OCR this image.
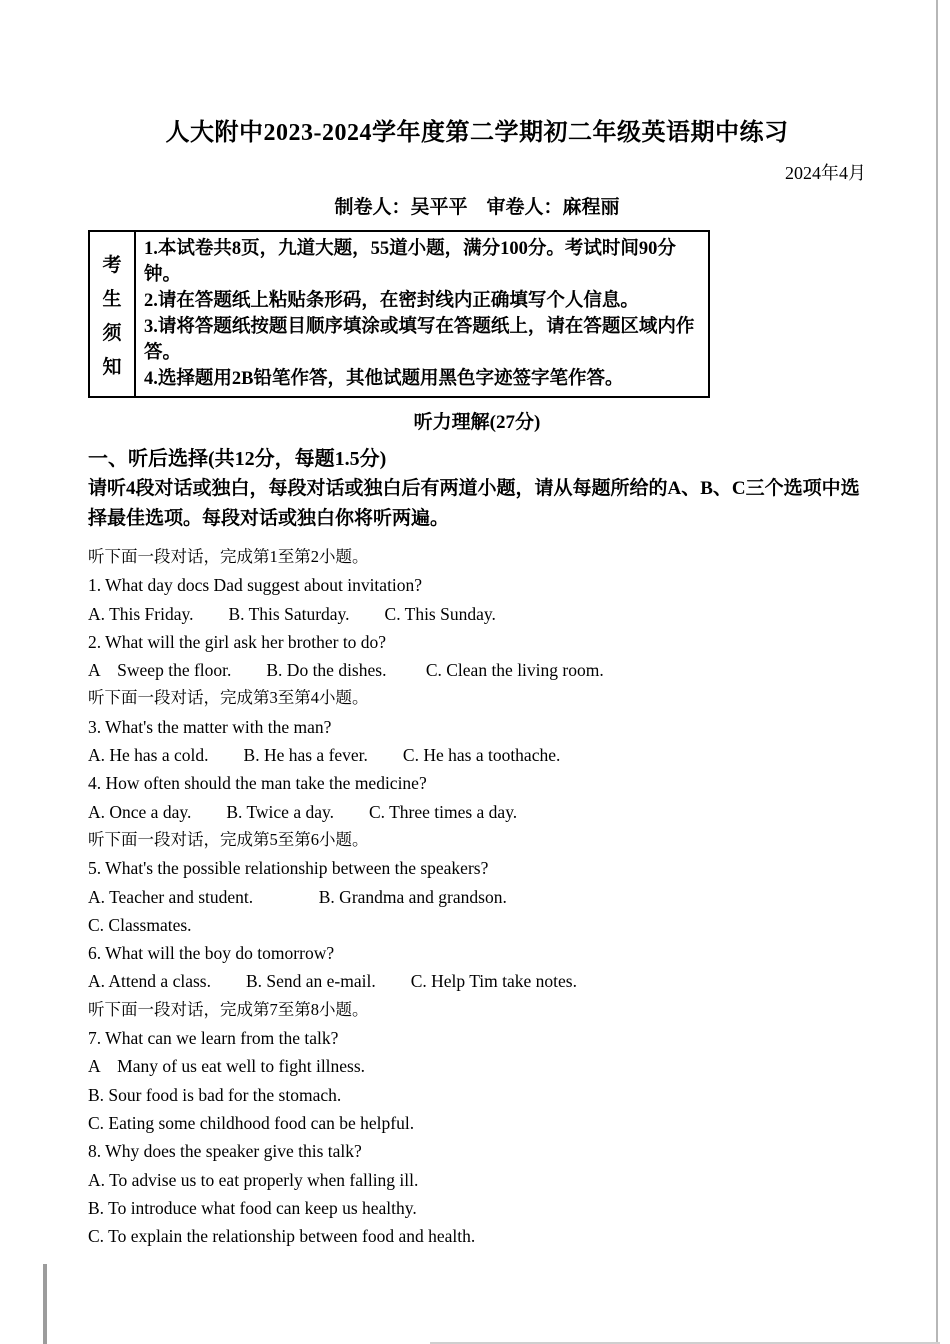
人大附中2023-2024学年度第二学期初二年级英语期中练习
2024年4月
制卷人：吴平平　审卷人：麻程丽
考
生
须
知
1.本试卷共8页，九道大题，55道小题，满分100分。考试时间90分钟。
2.请在答题纸上粘贴条形码，在密封线内正确填写个人信息。
3.请将答题纸按题目顺序填涂或填写在答题纸上，请在答题区域内作答。
4.选择题用2B铅笔作答，其他试题用黑色字迹签字笔作答。
听力理解(27分)
一、听后选择(共12分，每题1.5分)
请听4段对话或独白，每段对话或独白后有两道小题，请从每题所给的A、B、C三个选项中选择最佳选项。每段对话或独白你将听两遍。
听下面一段对话，完成第1至第2小题。
1. What day docs Dad suggest about invitation?
A. This Friday.        B. This Saturday.        C. This Sunday.
2. What will the girl ask her brother to do?
A    Sweep the floor.        B. Do the dishes.         C. Clean the living room.
听下面一段对话，完成第3至第4小题。
3. What's the matter with the man?
A. He has a cold.        B. He has a fever.        C. He has a toothache.
4. How often should the man take the medicine?
A. Once a day.        B. Twice a day.        C. Three times a day.
听下面一段对话，完成第5至第6小题。
5. What's the possible relationship between the speakers?
A. Teacher and student.               B. Grandma and grandson.
C. Classmates.
6. What will the boy do tomorrow?
A. Attend a class.        B. Send an e-mail.        C. Help Tim take notes.
听下面一段对话，完成第7至第8小题。
7. What can we learn from the talk?
A    Many of us eat well to fight illness.
B. Sour food is bad for the stomach.
C. Eating some childhood food can be helpful.
8. Why does the speaker give this talk?
A. To advise us to eat properly when falling ill.
B. To introduce what food can keep us healthy.
C. To explain the relationship between food and health.
